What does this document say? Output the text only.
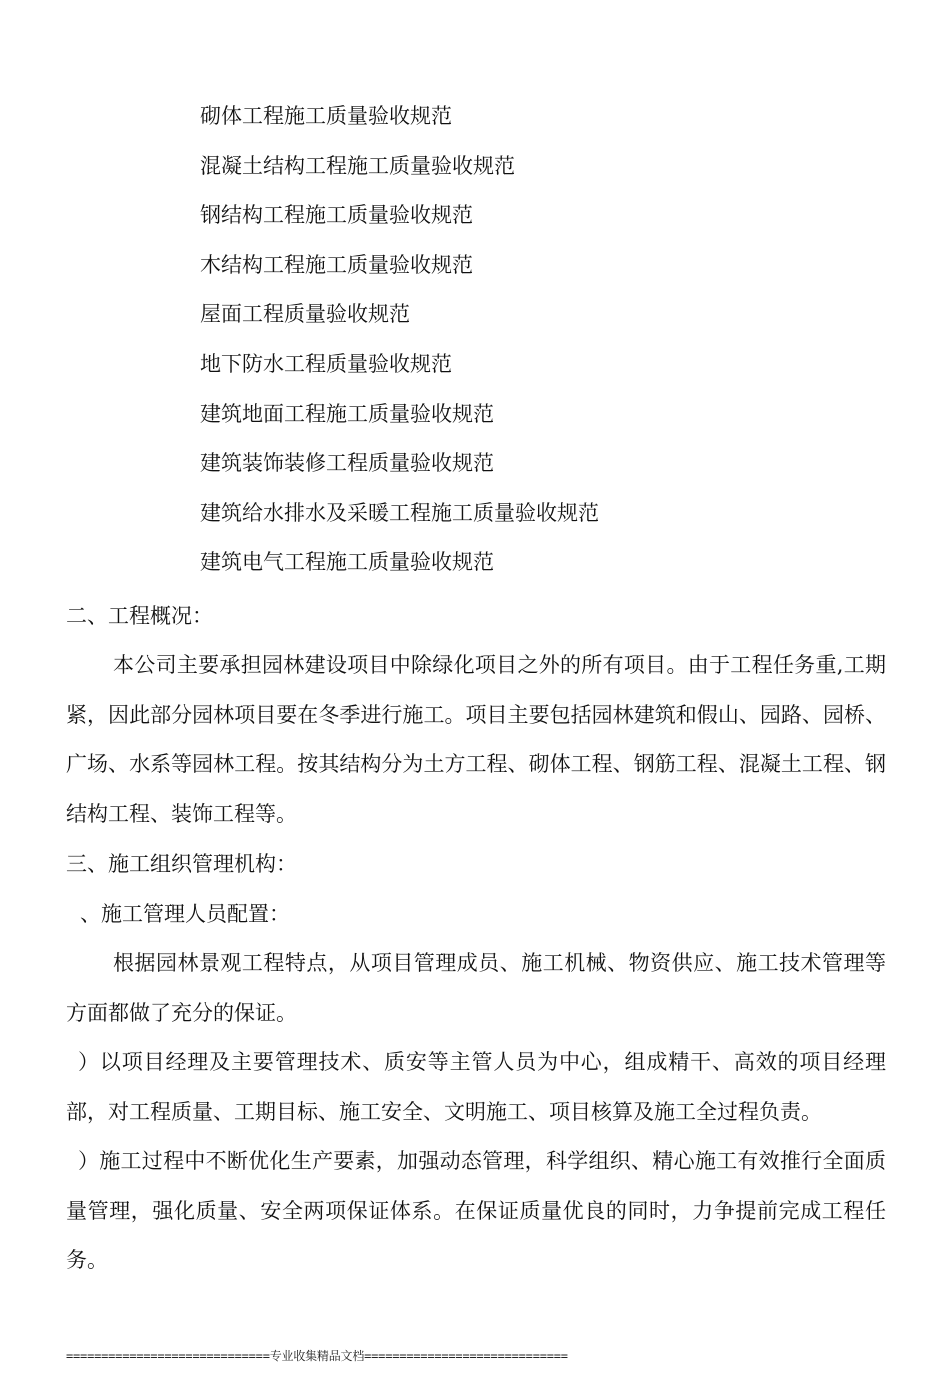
砌体工程施工质量验收规范
混凝土结构工程施工质量验收规范
钢结构工程施工质量验收规范
木结构工程施工质量验收规范
屋面工程质量验收规范
地下防水工程质量验收规范
建筑地面工程施工质量验收规范
建筑装饰装修工程质量验收规范
建筑给水排水及采暖工程施工质量验收规范
建筑电气工程施工质量验收规范
二、工程概况：

本公司主要承担园林建设项目中除绿化项目之外的所有项目。由于工程任务重,工期紧，因此部分园林项目要在冬季进行施工。项目主要包括园林建筑和假山、园路、园桥、广场、水系等园林工程。按其结构分为土方工程、砌体工程、钢筋工程、混凝土工程、钢结构工程、装饰工程等。

三、施工组织管理机构：
、施工管理人员配置：

根据园林景观工程特点，从项目管理成员、施工机械、物资供应、施工技术管理等方面都做了充分的保证。

）以项目经理及主要管理技术、质安等主管人员为中心，组成精干、高效的项目经理部，对工程质量、工期目标、施工安全、文明施工、项目核算及施工全过程负责。

）施工过程中不断优化生产要素，加强动态管理，科学组织、精心施工有效推行全面质量管理，强化质量、安全两项保证体系。在保证质量优良的同时，力争提前完成工程任务。

=============================专业收集精品文档=============================
